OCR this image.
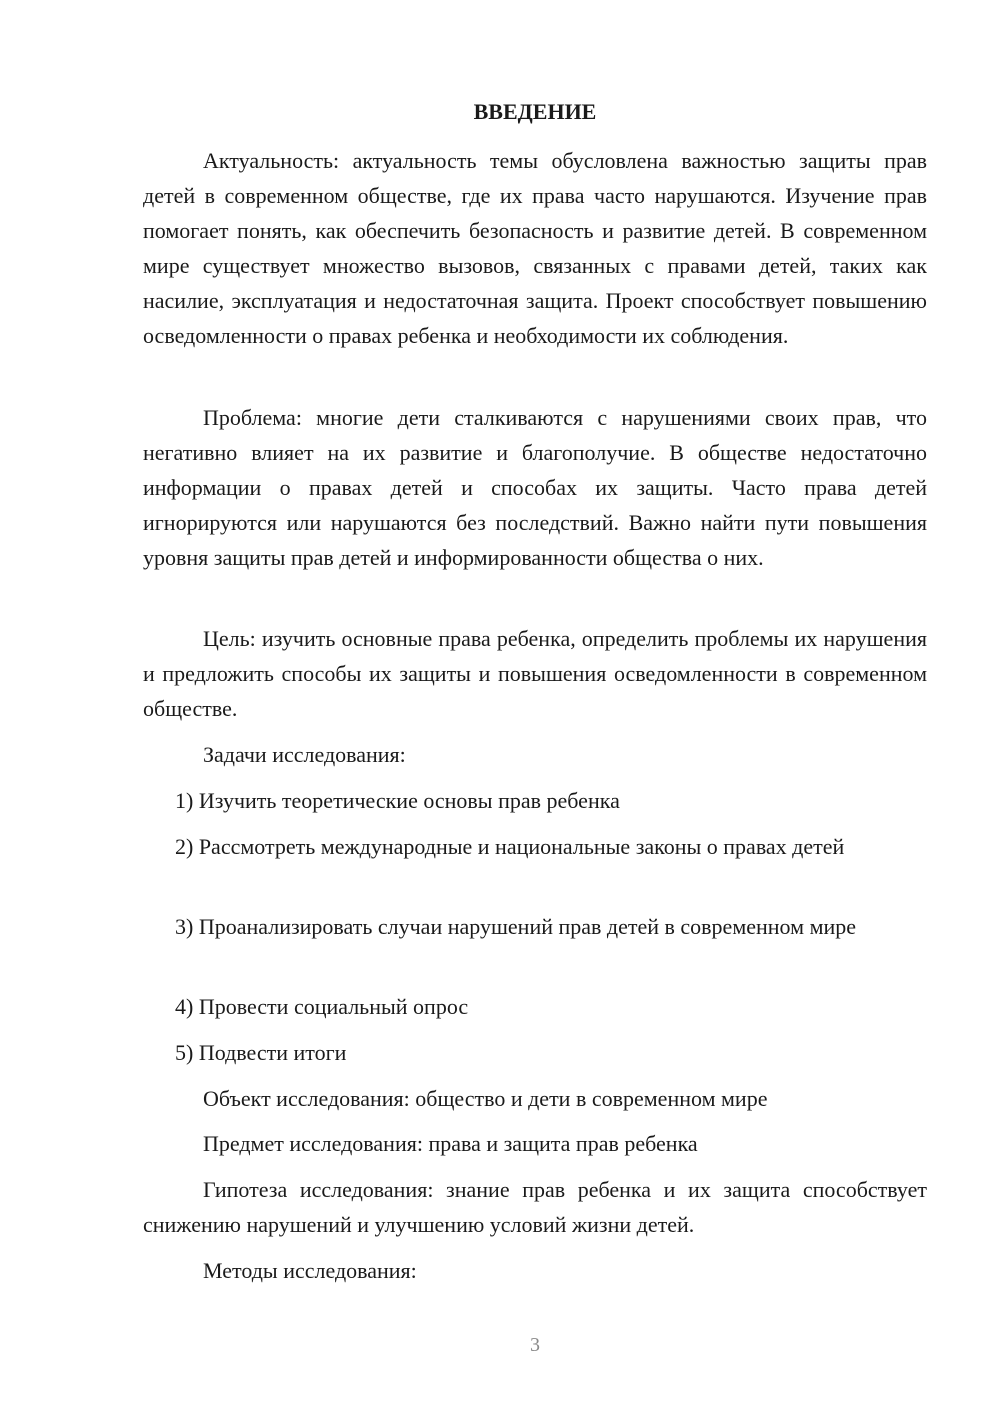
ВВЕДЕНИЕ

Актуальность: актуальность темы обусловлена важностью защиты прав детей в современном обществе, где их права часто нарушаются. Изучение прав помогает понять, как обеспечить безопасность и развитие детей. В современном мире существует множество вызовов, связанных с правами детей, таких как насилие, эксплуатация и недостаточная защита. Проект способствует повышению осведомленности о правах ребенка и необходимости их соблюдения.

Проблема: многие дети сталкиваются с нарушениями своих прав, что негативно влияет на их развитие и благополучие. В обществе недостаточно информации о правах детей и способах их защиты. Часто права детей игнорируются или нарушаются без последствий. Важно найти пути повышения уровня защиты прав детей и информированности общества о них.

Цель: изучить основные права ребенка, определить проблемы их нарушения и предложить способы их защиты и повышения осведомленности в современном обществе.

Задачи исследования:

1) Изучить теоретические основы прав ребенка

2) Рассмотреть международные и национальные законы о правах детей

3) Проанализировать случаи нарушений прав детей в современном мире

4) Провести социальный опрос

5) Подвести итоги

Объект исследования: общество и дети в современном мире

Предмет исследования: права и защита прав ребенка

Гипотеза исследования: знание прав ребенка и их защита способствует снижению нарушений и улучшению условий жизни детей.

Методы исследования:

3
